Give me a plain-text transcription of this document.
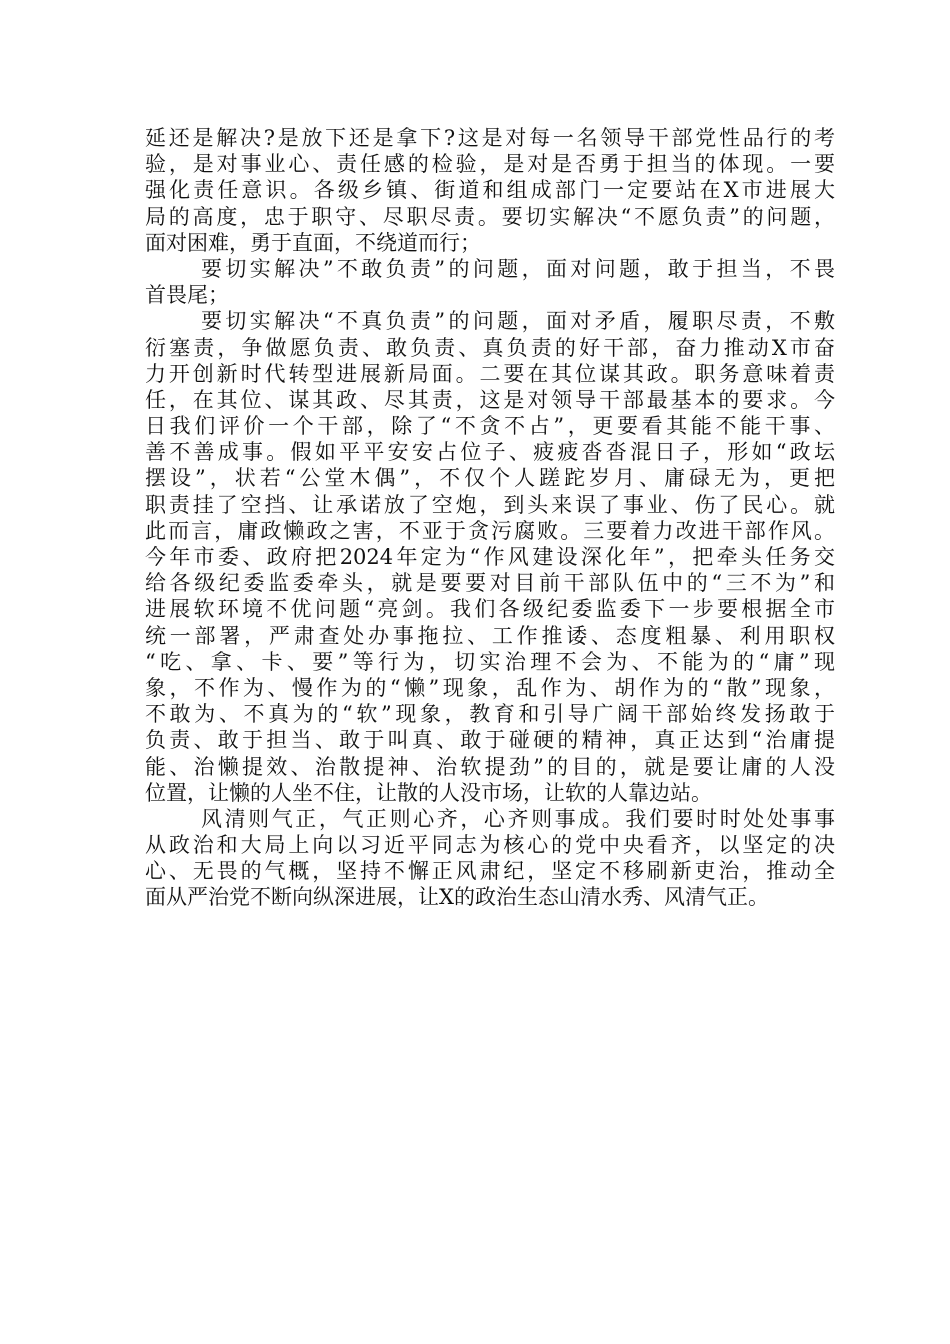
延还是解决?是放下还是拿下?这是对每一名领导干部党性品行的考
验，是对事业心、责任感的检验，是对是否勇于担当的体现。一要
强化责任意识。各级乡镇、街道和组成部门一定要站在X市进展大
局的高度，忠于职守、尽职尽责。要切实解决“不愿负责”的问题，
面对困难，勇于直面，不绕道而行；
要切实解决”不敢负责”的问题，面对问题，敢于担当，不畏
首畏尾；
要切实解决“不真负责”的问题，面对矛盾，履职尽责，不敷
衍塞责，争做愿负责、敢负责、真负责的好干部，奋力推动X市奋
力开创新时代转型进展新局面。二要在其位谋其政。职务意味着责
任，在其位、谋其政、尽其责，这是对领导干部最基本的要求。今
日我们评价一个干部，除了“不贪不占”，更要看其能不能干事、
善不善成事。假如平平安安占位子、疲疲沓沓混日子，形如“政坛
摆设”，状若“公堂木偶”，不仅个人蹉跎岁月、庸碌无为，更把
职责挂了空挡、让承诺放了空炮，到头来误了事业、伤了民心。就
此而言，庸政懒政之害，不亚于贪污腐败。三要着力改进干部作风。
今年市委、政府把2024年定为“作风建设深化年”，把牵头任务交
给各级纪委监委牵头，就是要要对目前干部队伍中的“三不为”和
进展软环境不优问题“亮剑。我们各级纪委监委下一步要根据全市
统一部署，严肃查处办事拖拉、工作推诿、态度粗暴、利用职权
“吃、拿、卡、要”等行为，切实治理不会为、不能为的“庸”现
象，不作为、慢作为的“懒”现象，乱作为、胡作为的“散”现象，
不敢为、不真为的“软”现象，教育和引导广阔干部始终发扬敢于
负责、敢于担当、敢于叫真、敢于碰硬的精神，真正达到“治庸提
能、治懒提效、治散提神、治软提劲”的目的，就是要让庸的人没
位置，让懒的人坐不住，让散的人没市场，让软的人靠边站。
风清则气正，气正则心齐，心齐则事成。我们要时时处处事事
从政治和大局上向以习近平同志为核心的党中央看齐，以坚定的决
心、无畏的气概，坚持不懈正风肃纪，坚定不移刷新吏治，推动全
面从严治党不断向纵深进展，让X的政治生态山清水秀、风清气正。
